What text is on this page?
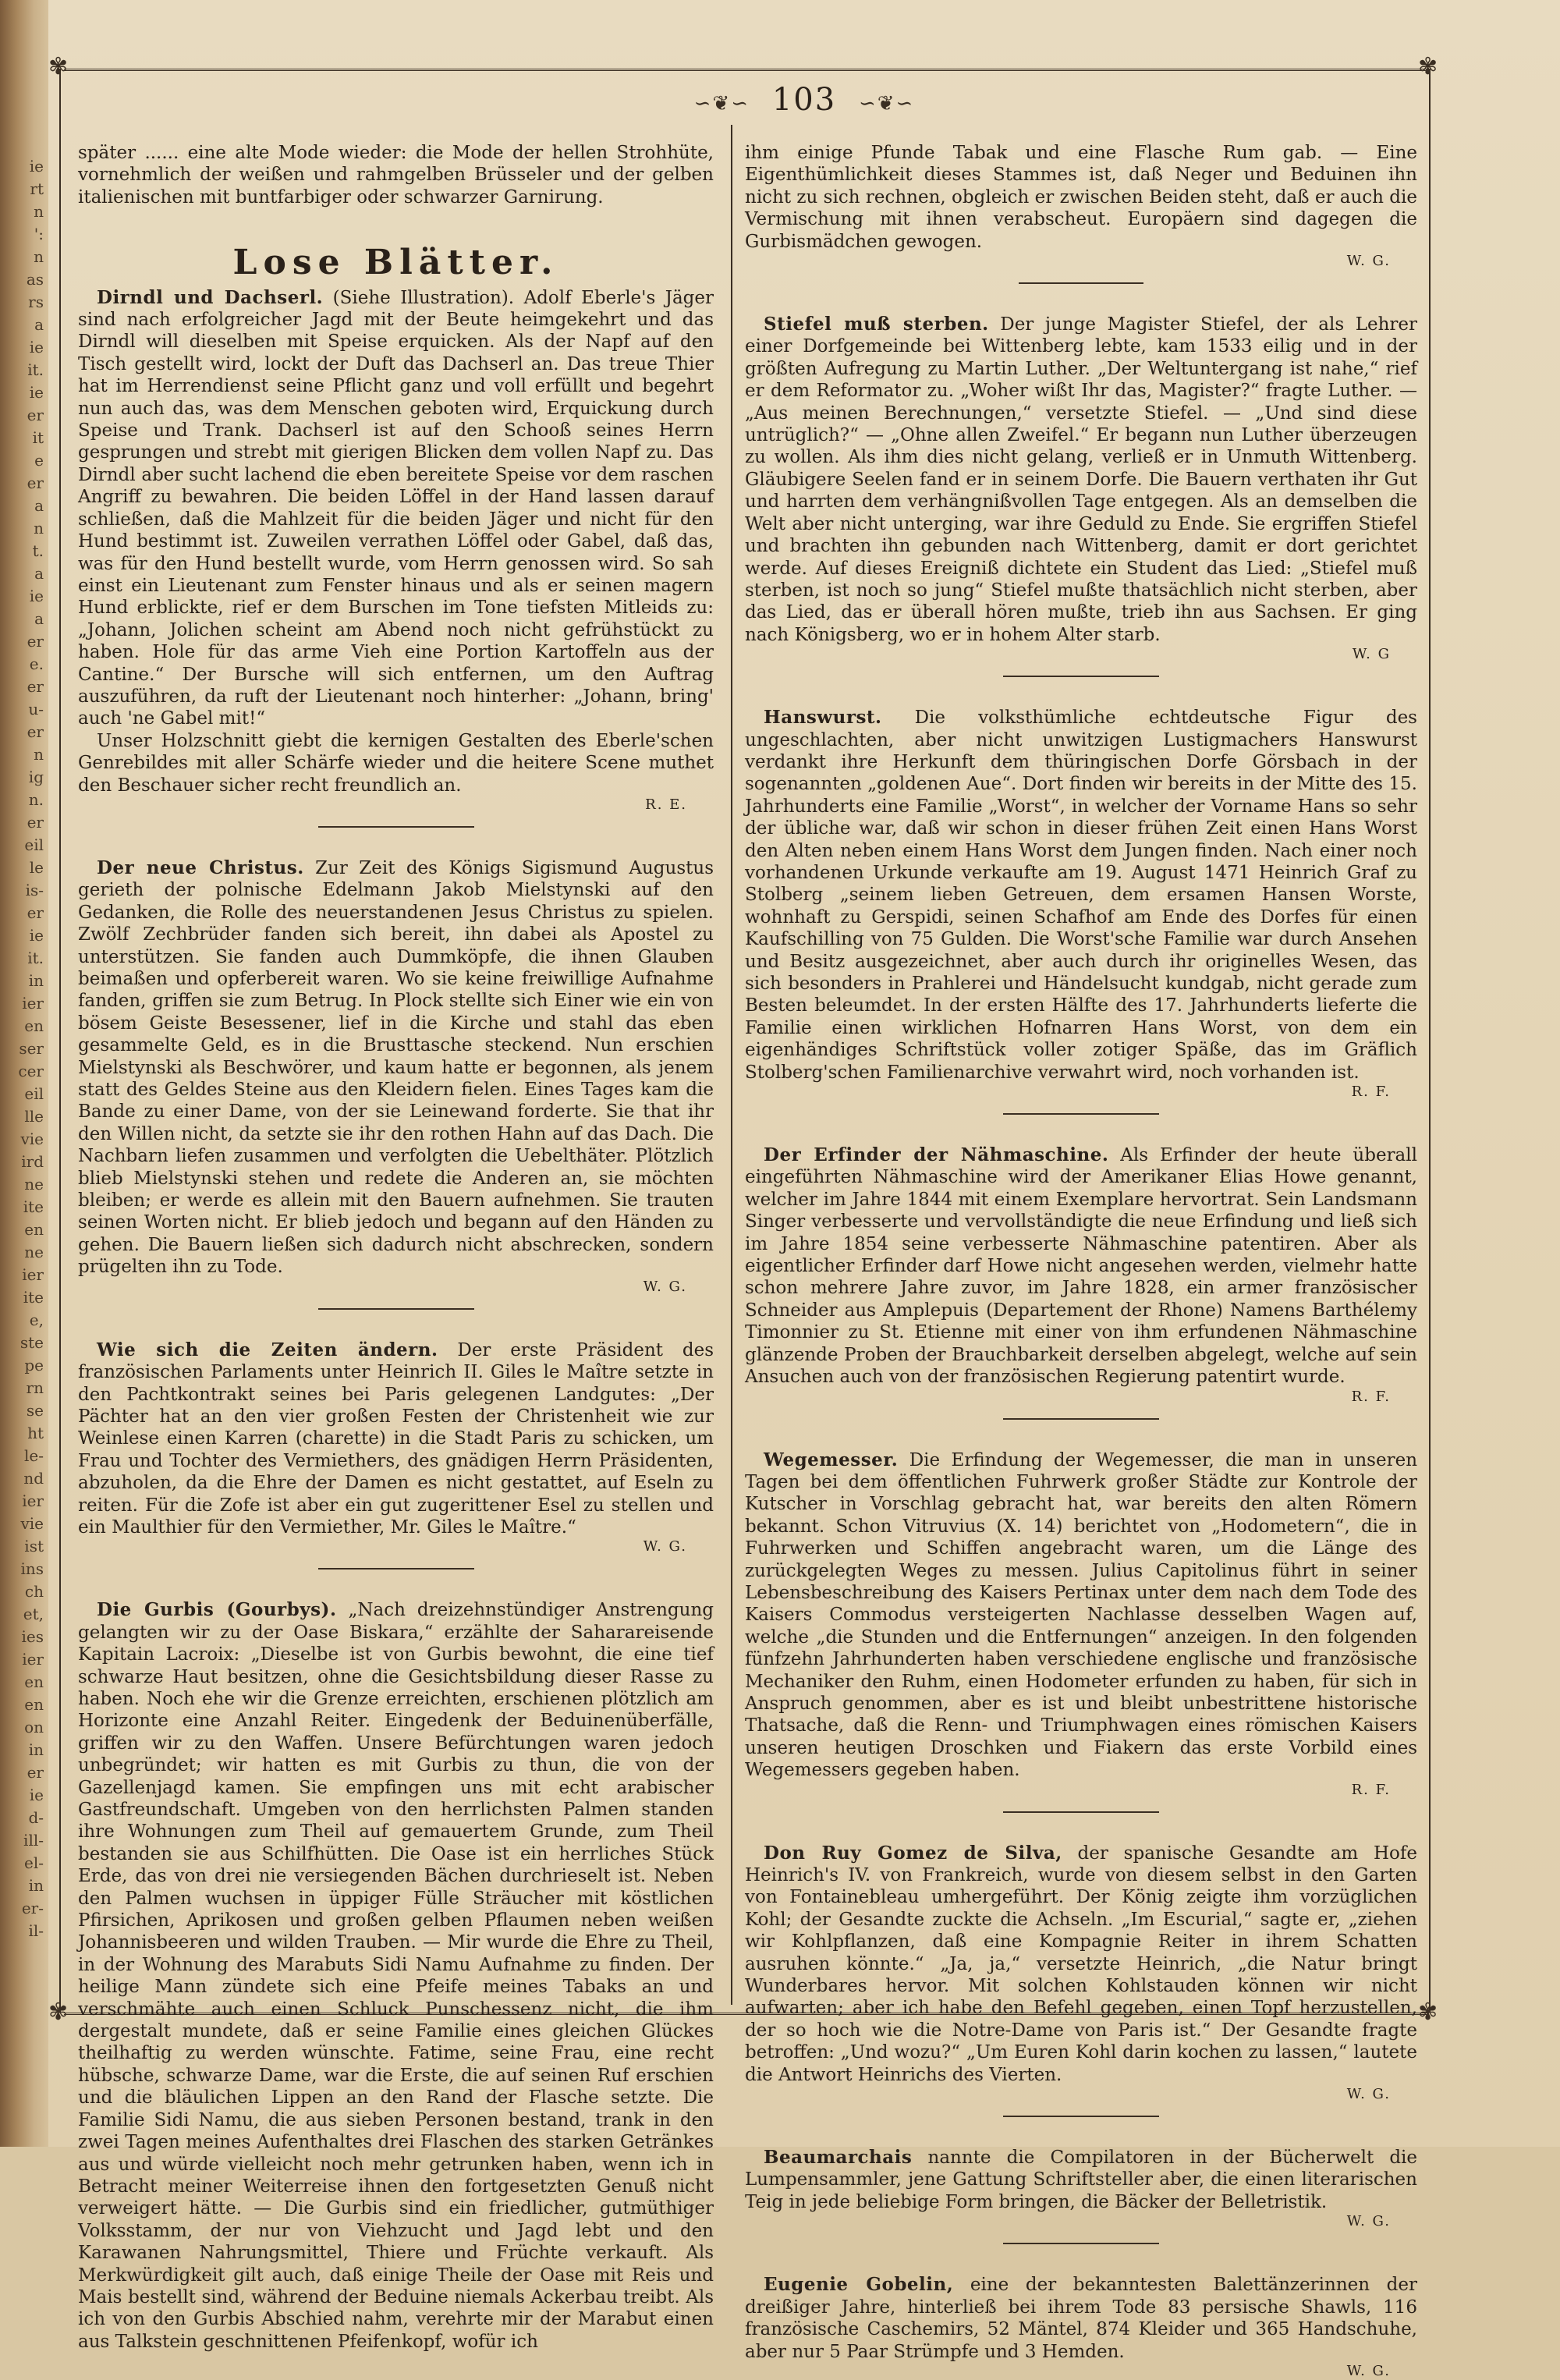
ie
rt
n
':
n
as
rs
a
ie
it.
ie
er
it
e
er
a
n
t.
a
ie
a
er
e.
er
u-
er
n
ig
n.
er
eil
le
is-
er
ie
it.
in
ier
en
ser
cer
eil
lle
vie
ird
ne
ite
en
ne
ier
ite
e,
ste
pe
rn
se
ht
le-
nd
ier
vie
ist
ins
ch
et,
ies
ier
en
en
on
in
er
ie
d-
ill-
el-
in
er-
il-
✾	✾
✾	✾
∽❦∽ 103 ∽❦∽

später ...... eine alte Mode wieder: die Mode der hellen Strohhüte, vornehmlich der weißen und rahmgelben Brüsseler und der gelben italienischen mit buntfarbiger oder schwarzer Garnirung.

Lose Blätter.

Dirndl und Dachserl. (Siehe Illustration). Adolf Eberle's Jäger sind nach erfolgreicher Jagd mit der Beute heimgekehrt und das Dirndl will dieselben mit Speise erquicken. Als der Napf auf den Tisch gestellt wird, lockt der Duft das Dachserl an. Das treue Thier hat im Herrendienst seine Pflicht ganz und voll erfüllt und begehrt nun auch das, was dem Menschen geboten wird, Erquickung durch Speise und Trank. Dachserl ist auf den Schooß seines Herrn gesprungen und strebt mit gierigen Blicken dem vollen Napf zu. Das Dirndl aber sucht lachend die eben bereitete Speise vor dem raschen Angriff zu bewahren. Die beiden Löffel in der Hand lassen darauf schließen, daß die Mahlzeit für die beiden Jäger und nicht für den Hund bestimmt ist. Zuweilen verrathen Löffel oder Gabel, daß das, was für den Hund bestellt wurde, vom Herrn genossen wird. So sah einst ein Lieutenant zum Fenster hinaus und als er seinen magern Hund erblickte, rief er dem Burschen im Tone tiefsten Mitleids zu: „Johann, Jolichen scheint am Abend noch nicht gefrühstückt zu haben. Hole für das arme Vieh eine Portion Kartoffeln aus der Cantine.“ Der Bursche will sich entfernen, um den Auftrag auszuführen, da ruft der Lieutenant noch hinterher: „Johann, bring' auch 'ne Gabel mit!“

Unser Holzschnitt giebt die kernigen Gestalten des Eberle'schen Genrebildes mit aller Schärfe wieder und die heitere Scene muthet den Beschauer sicher recht freundlich an.

R. E.

Der neue Christus. Zur Zeit des Königs Sigismund Augustus gerieth der polnische Edelmann Jakob Mielstynski auf den Gedanken, die Rolle des neuerstandenen Jesus Christus zu spielen. Zwölf Zechbrüder fanden sich bereit, ihn dabei als Apostel zu unterstützen. Sie fanden auch Dummköpfe, die ihnen Glauben beimaßen und opferbereit waren. Wo sie keine freiwillige Aufnahme fanden, griffen sie zum Betrug. In Plock stellte sich Einer wie ein von bösem Geiste Besessener, lief in die Kirche und stahl das eben gesammelte Geld, es in die Brusttasche steckend. Nun erschien Mielstynski als Beschwörer, und kaum hatte er begonnen, als jenem statt des Geldes Steine aus den Kleidern fielen. Eines Tages kam die Bande zu einer Dame, von der sie Leinewand forderte. Sie that ihr den Willen nicht, da setzte sie ihr den rothen Hahn auf das Dach. Die Nachbarn liefen zusammen und verfolgten die Uebelthäter. Plötzlich blieb Mielstynski stehen und redete die Anderen an, sie möchten bleiben; er werde es allein mit den Bauern aufnehmen. Sie trauten seinen Worten nicht. Er blieb jedoch und begann auf den Händen zu gehen. Die Bauern ließen sich dadurch nicht abschrecken, sondern prügelten ihn zu Tode.

W. G.

Wie sich die Zeiten ändern. Der erste Präsident des französischen Parlaments unter Heinrich II. Giles le Maître setzte in den Pachtkontrakt seines bei Paris gelegenen Landgutes: „Der Pächter hat an den vier großen Festen der Christenheit wie zur Weinlese einen Karren (charette) in die Stadt Paris zu schicken, um Frau und Tochter des Vermiethers, des gnädigen Herrn Präsidenten, abzuholen, da die Ehre der Damen es nicht gestattet, auf Eseln zu reiten. Für die Zofe ist aber ein gut zugerittener Esel zu stellen und ein Maulthier für den Vermiether, Mr. Giles le Maître.“

W. G.

Die Gurbis (Gourbys). „Nach dreizehnstündiger Anstrengung gelangten wir zu der Oase Biskara,“ erzählte der Saharareisende Kapitain Lacroix: „Dieselbe ist von Gurbis bewohnt, die eine tief schwarze Haut besitzen, ohne die Gesichtsbildung dieser Rasse zu haben. Noch ehe wir die Grenze erreichten, erschienen plötzlich am Horizonte eine Anzahl Reiter. Eingedenk der Beduinenüberfälle, griffen wir zu den Waffen. Unsere Befürchtungen waren jedoch unbegründet; wir hatten es mit Gurbis zu thun, die von der Gazellenjagd kamen. Sie empfingen uns mit echt arabischer Gastfreundschaft. Umgeben von den herrlichsten Palmen standen ihre Wohnungen zum Theil auf gemauertem Grunde, zum Theil bestanden sie aus Schilfhütten. Die Oase ist ein herrliches Stück Erde, das von drei nie versiegenden Bächen durchrieselt ist. Neben den Palmen wuchsen in üppiger Fülle Sträucher mit köstlichen Pfirsichen, Aprikosen und großen gelben Pflaumen neben weißen Johannisbeeren und wilden Trauben. — Mir wurde die Ehre zu Theil, in der Wohnung des Marabuts Sidi Namu Aufnahme zu finden. Der heilige Mann zündete sich eine Pfeife meines Tabaks an und verschmähte auch einen Schluck Punschessenz nicht, die ihm dergestalt mundete, daß er seine Familie eines gleichen Glückes theilhaftig zu werden wünschte. Fatime, seine Frau, eine recht hübsche, schwarze Dame, war die Erste, die auf seinen Ruf erschien und die bläulichen Lippen an den Rand der Flasche setzte. Die Familie Sidi Namu, die aus sieben Personen bestand, trank in den zwei Tagen meines Aufenthaltes drei Flaschen des starken Getränkes aus und würde vielleicht noch mehr getrunken haben, wenn ich in Betracht meiner Weiterreise ihnen den fortgesetzten Genuß nicht verweigert hätte. — Die Gurbis sind ein friedlicher, gutmüthiger Volksstamm, der nur von Viehzucht und Jagd lebt und den Karawanen Nahrungsmittel, Thiere und Früchte verkauft. Als Merkwürdigkeit gilt auch, daß einige Theile der Oase mit Reis und Mais bestellt sind, während der Beduine niemals Ackerbau treibt. Als ich von den Gurbis Abschied nahm, verehrte mir der Marabut einen aus Talkstein geschnittenen Pfeifenkopf, wofür ich

ihm einige Pfunde Tabak und eine Flasche Rum gab. — Eine Eigenthümlichkeit dieses Stammes ist, daß Neger und Beduinen ihn nicht zu sich rechnen, obgleich er zwischen Beiden steht, daß er auch die Vermischung mit ihnen verabscheut. Europäern sind dagegen die Gurbismädchen gewogen.

W. G.

Stiefel muß sterben. Der junge Magister Stiefel, der als Lehrer einer Dorfgemeinde bei Wittenberg lebte, kam 1533 eilig und in der größten Aufregung zu Martin Luther. „Der Weltuntergang ist nahe,“ rief er dem Reformator zu. „Woher wißt Ihr das, Magister?“ fragte Luther. — „Aus meinen Berechnungen,“ versetzte Stiefel. — „Und sind diese untrüglich?“ — „Ohne allen Zweifel.“ Er begann nun Luther überzeugen zu wollen. Als ihm dies nicht gelang, verließ er in Unmuth Wittenberg. Gläubigere Seelen fand er in seinem Dorfe. Die Bauern verthaten ihr Gut und harrten dem verhängnißvollen Tage entgegen. Als an demselben die Welt aber nicht unterging, war ihre Geduld zu Ende. Sie ergriffen Stiefel und brachten ihn gebunden nach Wittenberg, damit er dort gerichtet werde. Auf dieses Ereigniß dichtete ein Student das Lied: „Stiefel muß sterben, ist noch so jung“ Stiefel mußte thatsächlich nicht sterben, aber das Lied, das er überall hören mußte, trieb ihn aus Sachsen. Er ging nach Königsberg, wo er in hohem Alter starb.

W. G

Hanswurst. Die volksthümliche echtdeutsche Figur des ungeschlachten, aber nicht unwitzigen Lustigmachers Hanswurst verdankt ihre Herkunft dem thüringischen Dorfe Görsbach in der sogenannten „goldenen Aue“. Dort finden wir bereits in der Mitte des 15. Jahrhunderts eine Familie „Worst“, in welcher der Vorname Hans so sehr der übliche war, daß wir schon in dieser frühen Zeit einen Hans Worst den Alten neben einem Hans Worst dem Jungen finden. Nach einer noch vorhandenen Urkunde verkaufte am 19. August 1471 Heinrich Graf zu Stolberg „seinem lieben Getreuen, dem ersamen Hansen Worste, wohnhaft zu Gerspidi, seinen Schafhof am Ende des Dorfes für einen Kaufschilling von 75 Gulden. Die Worst'sche Familie war durch Ansehen und Besitz ausgezeichnet, aber auch durch ihr originelles Wesen, das sich besonders in Prahlerei und Händelsucht kundgab, nicht gerade zum Besten beleumdet. In der ersten Hälfte des 17. Jahrhunderts lieferte die Familie einen wirklichen Hofnarren Hans Worst, von dem ein eigenhändiges Schriftstück voller zotiger Späße, das im Gräflich Stolberg'schen Familienarchive verwahrt wird, noch vorhanden ist.

R. F.

Der Erfinder der Nähmaschine. Als Erfinder der heute überall eingeführten Nähmaschine wird der Amerikaner Elias Howe genannt, welcher im Jahre 1844 mit einem Exemplare hervortrat. Sein Landsmann Singer verbesserte und vervollständigte die neue Erfindung und ließ sich im Jahre 1854 seine verbesserte Nähmaschine patentiren. Aber als eigentlicher Erfinder darf Howe nicht angesehen werden, vielmehr hatte schon mehrere Jahre zuvor, im Jahre 1828, ein armer französischer Schneider aus Amplepuis (Departement der Rhone) Namens Barthélemy Timonnier zu St. Etienne mit einer von ihm erfundenen Nähmaschine glänzende Proben der Brauchbarkeit derselben abgelegt, welche auf sein Ansuchen auch von der französischen Regierung patentirt wurde.

R. F.

Wegemesser. Die Erfindung der Wegemesser, die man in unseren Tagen bei dem öffentlichen Fuhrwerk großer Städte zur Kontrole der Kutscher in Vorschlag gebracht hat, war bereits den alten Römern bekannt. Schon Vitruvius (X. 14) berichtet von „Hodometern“, die in Fuhrwerken und Schiffen angebracht waren, um die Länge des zurückgelegten Weges zu messen. Julius Capitolinus führt in seiner Lebensbeschreibung des Kaisers Pertinax unter dem nach dem Tode des Kaisers Commodus versteigerten Nachlasse desselben Wagen auf, welche „die Stunden und die Entfernungen“ anzeigen. In den folgenden fünfzehn Jahrhunderten haben verschiedene englische und französische Mechaniker den Ruhm, einen Hodometer erfunden zu haben, für sich in Anspruch genommen, aber es ist und bleibt unbestrittene historische Thatsache, daß die Renn- und Triumphwagen eines römischen Kaisers unseren heutigen Droschken und Fiakern das erste Vorbild eines Wegemessers gegeben haben.

R. F.

Don Ruy Gomez de Silva, der spanische Gesandte am Hofe Heinrich's IV. von Frankreich, wurde von diesem selbst in den Garten von Fontainebleau umhergeführt. Der König zeigte ihm vorzüglichen Kohl; der Gesandte zuckte die Achseln. „Im Escurial,“ sagte er, „ziehen wir Kohlpflanzen, daß eine Kompagnie Reiter in ihrem Schatten ausruhen könnte.“ „Ja, ja,“ versetzte Heinrich, „die Natur bringt Wunderbares hervor. Mit solchen Kohlstauden können wir nicht aufwarten; aber ich habe den Befehl gegeben, einen Topf herzustellen, der so hoch wie die Notre-Dame von Paris ist.“ Der Gesandte fragte betroffen: „Und wozu?“ „Um Euren Kohl darin kochen zu lassen,“ lautete die Antwort Heinrichs des Vierten.

W. G.

Beaumarchais nannte die Compilatoren in der Bücherwelt die Lumpensammler, jene Gattung Schriftsteller aber, die einen literarischen Teig in jede beliebige Form bringen, die Bäcker der Belletristik.

W. G.

Eugenie Gobelin, eine der bekanntesten Balettänzerinnen der dreißiger Jahre, hinterließ bei ihrem Tode 83 persische Shawls, 116 französische Caschemirs, 52 Mäntel, 874 Kleider und 365 Handschuhe, aber nur 5 Paar Strümpfe und 3 Hemden.

W. G.
